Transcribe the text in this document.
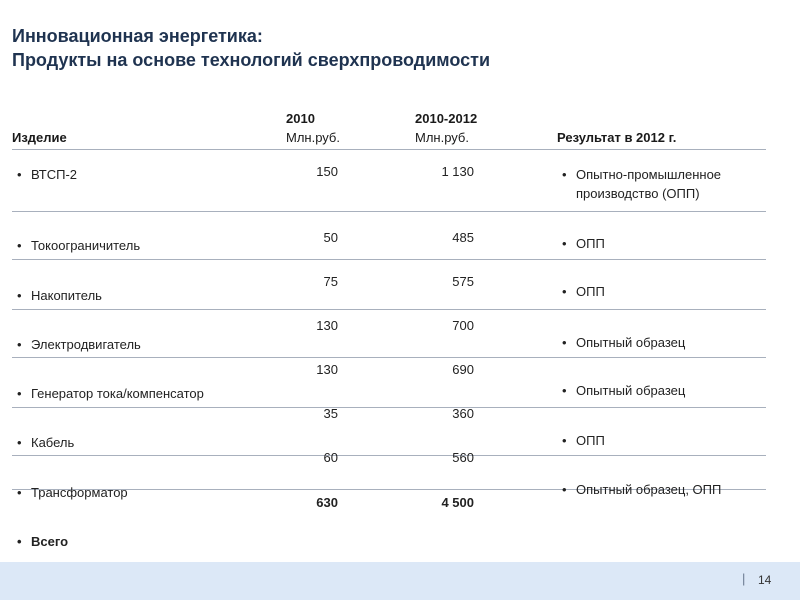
Инновационная энергетика:
Продукты на основе технологий сверхпроводимости
Изделие
2010
Млн.руб.
2010-2012
Млн.руб.	Результат в 2012 г.
• ВТСП-2
• Токоограничитель
• Накопитель
• Электродвигатель
• Генератор тока/компенсатор
• Кабель
• Трансформатор
• Всего
150
50
75
130
130
35
60
630
1 130
485
575
700
690
360
560
4 500
• Опытно-промышленное
производство (ОПП)
• ОПП
• ОПП
• Опытный образец
• Опытный образец
• ОПП
• Опытный образец, ОПП
| 14
